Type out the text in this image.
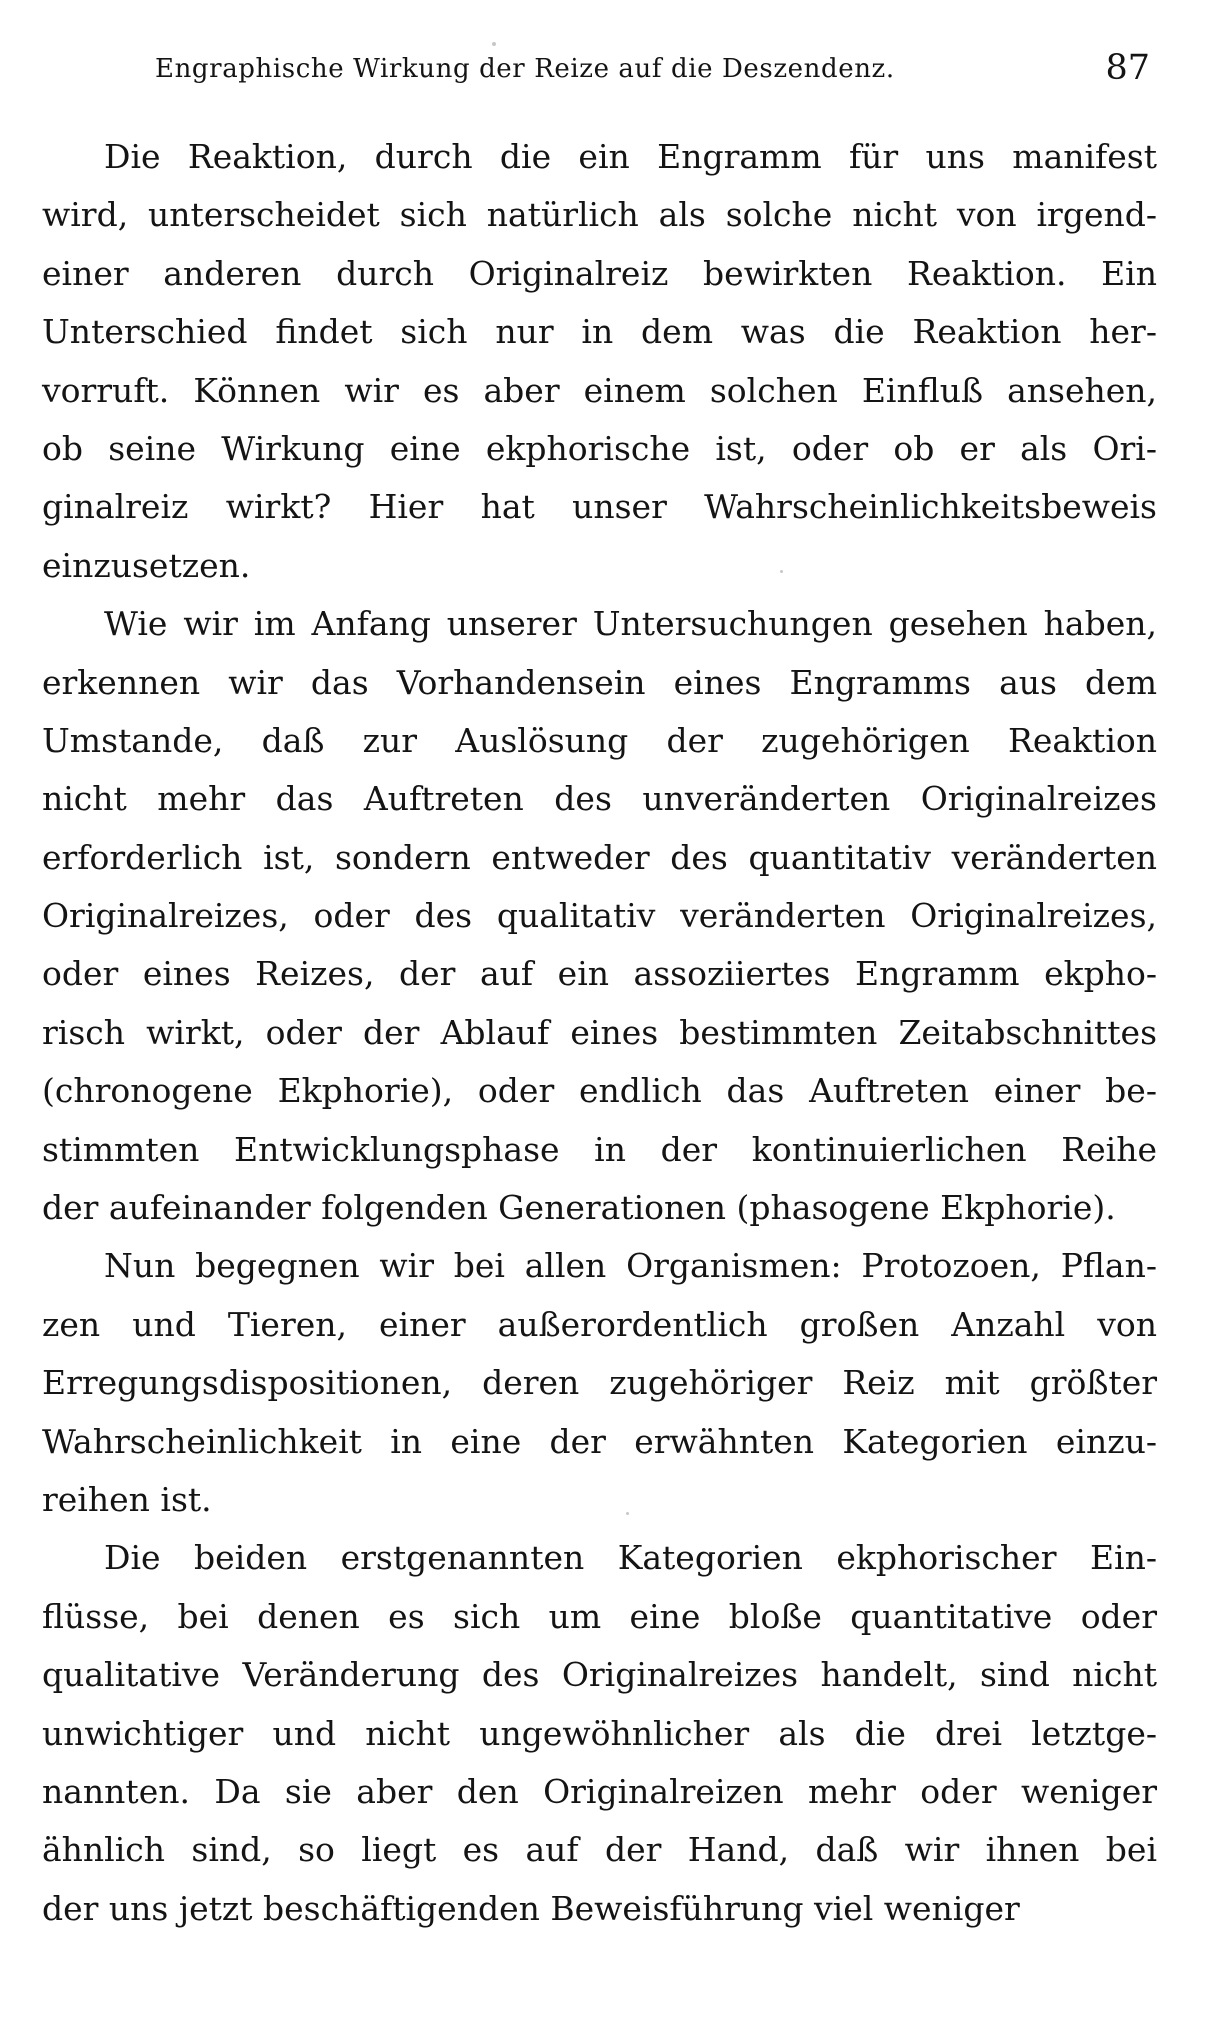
Engraphische Wirkung der Reize auf die Deszendenz.	87
Die Reaktion, durch die ein Engramm für uns manifest
wird, unterscheidet sich natürlich als solche nicht von irgend-
einer anderen durch Originalreiz bewirkten Reaktion. Ein
Unterschied findet sich nur in dem was die Reaktion her-
vorruft. Können wir es aber einem solchen Einfluß ansehen,
ob seine Wirkung eine ekphorische ist, oder ob er als Ori-
ginalreiz wirkt? Hier hat unser Wahrscheinlichkeitsbeweis
einzusetzen.
Wie wir im Anfang unserer Untersuchungen gesehen haben,
erkennen wir das Vorhandensein eines Engramms aus dem
Umstande, daß zur Auslösung der zugehörigen Reaktion
nicht mehr das Auftreten des unveränderten Originalreizes
erforderlich ist, sondern entweder des quantitativ veränderten
Originalreizes, oder des qualitativ veränderten Originalreizes,
oder eines Reizes, der auf ein assoziiertes Engramm ekpho-
risch wirkt, oder der Ablauf eines bestimmten Zeitabschnittes
(chronogene Ekphorie), oder endlich das Auftreten einer be-
stimmten Entwicklungsphase in der kontinuierlichen Reihe
der aufeinander folgenden Generationen (phasogene Ekphorie).
Nun begegnen wir bei allen Organismen: Protozoen, Pflan-
zen und Tieren, einer außerordentlich großen Anzahl von
Erregungsdispositionen, deren zugehöriger Reiz mit größter
Wahrscheinlichkeit in eine der erwähnten Kategorien einzu-
reihen ist.
Die beiden erstgenannten Kategorien ekphorischer Ein-
flüsse, bei denen es sich um eine bloße quantitative oder
qualitative Veränderung des Originalreizes handelt, sind nicht
unwichtiger und nicht ungewöhnlicher als die drei letztge-
nannten. Da sie aber den Originalreizen mehr oder weniger
ähnlich sind, so liegt es auf der Hand, daß wir ihnen bei
der uns jetzt beschäftigenden Beweisführung viel weniger
